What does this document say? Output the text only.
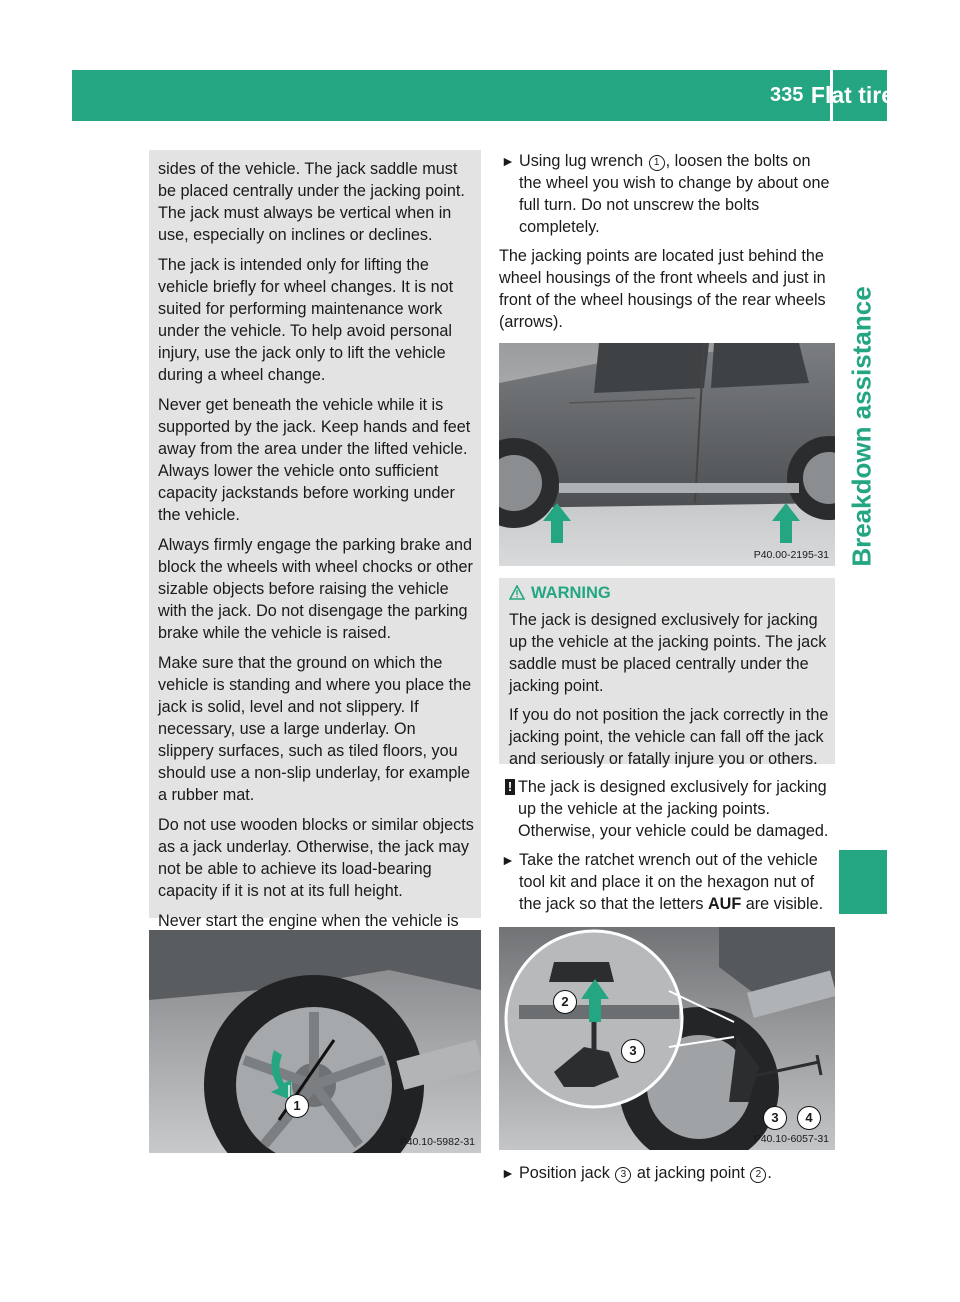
Flat tire
335
Breakdown assistance

sides of the vehicle. The jack saddle must be placed centrally under the jacking point. The jack must always be vertical when in use, especially on inclines or declines.

The jack is intended only for lifting the vehicle briefly for wheel changes. It is not suited for performing maintenance work under the vehicle. To help avoid personal injury, use the jack only to lift the vehicle during a wheel change.

Never get beneath the vehicle while it is supported by the jack. Keep hands and feet away from the area under the lifted vehicle. Always lower the vehicle onto sufficient capacity jackstands before working under the vehicle.

Always firmly engage the parking brake and block the wheels with wheel chocks or other sizable objects before raising the vehicle with the jack. Do not disengage the parking brake while the vehicle is raised.

Make sure that the ground on which the vehicle is standing and where you place the jack is solid, level and not slippery. If necessary, use a large underlay. On slippery surfaces, such as tiled floors, you should use a non-slip underlay, for example a rubber mat.

Do not use wooden blocks or similar objects as a jack underlay. Otherwise, the jack may not be able to achieve its load-bearing capacity if it is not at its full height.

Never start the engine when the vehicle is

► Using lug wrench 1 , loosen the bolts on the wheel you wish to change by about one full turn. Do not unscrew the bolts completely.

The jacking points are located just behind the wheel housings of the front wheels and just in front of the wheel housings of the rear wheels (arrows).

P40.00-2195-31
WARNING

The jack is designed exclusively for jacking up the vehicle at the jacking points. The jack saddle must be placed centrally under the jacking point.

If you do not position the jack correctly in the jacking point, the vehicle can fall off the jack and seriously or fatally injure you or others.

! The jack is designed exclusively for jacking up the vehicle at the jacking points. Otherwise, your vehicle could be damaged.
► Take the ratchet wrench out of the vehicle tool kit and place it on the hexagon nut of the jack so that the letters AUF are visible.
1
P40.10-5982-31
2
3
3	4
P40.10-6057-31
► Position jack 3 at jacking point 2 .
